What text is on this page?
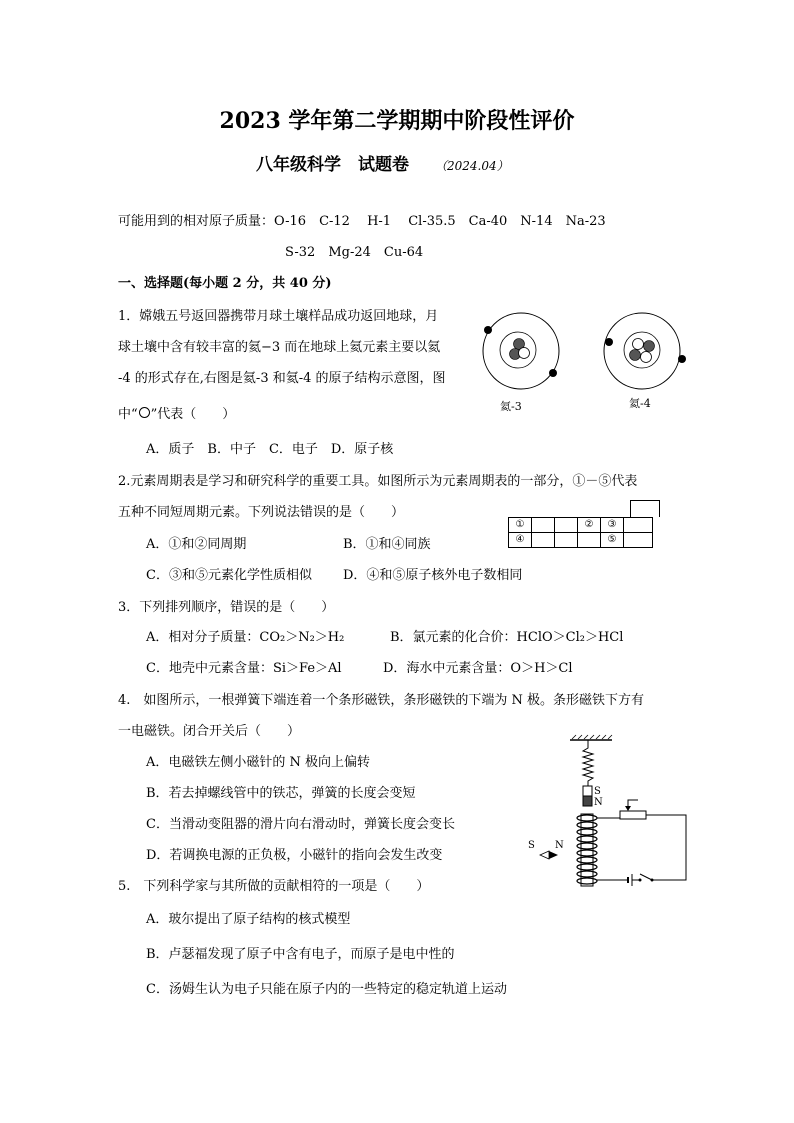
2023 学年第二学期期中阶段性评价
八年级科学　试题卷 （2024.04）
可能用到的相对原子质量：O-16　C-12　 H-1　 Cl-35.5　Ca-40　N-14　Na-23
S-32　Mg-24　Cu-64
一、选择题(每小题 2 分，共 40 分)
1．嫦娥五号返回器携带月球土壤样品成功返回地球，月
球土壤中含有较丰富的氦−3 而在地球上氦元素主要以氦
-4 的形式存在,右图是氦-3 和氦-4 的原子结构示意图，图
中“ ”代表（　　）
A．质子　B．中子　C．电子　D．原子核
氦-3	氦-4
2.元素周期表是学习和研究科学的重要工具。如图所示为元素周期表的一部分，①－⑤代表
五种不同短周期元素。下列说法错误的是（　　）
A．①和②同周期	B．①和④同族
C．③和⑤元素化学性质相似 D．④和⑤原子核外电子数相同
①			②	③	
④				⑤	
3．下列排列顺序，错误的是（　　）
A．相对分子质量：CO₂＞N₂＞H₂	B．氯元素的化合价：HClO＞Cl₂＞HCl
C．地壳中元素含量：Si＞Fe＞Al	D．海水中元素含量：O＞H＞Cl
4.　如图所示，一根弹簧下端连着一个条形磁铁，条形磁铁的下端为 N 极。条形磁铁下方有
一电磁铁。闭合开关后（　　）
A．电磁铁左侧小磁针的 N 极向上偏转
B．若去掉螺线管中的铁芯，弹簧的长度会变短
C．当滑动变阻器的滑片向右滑动时，弹簧长度会变长
D．若调换电源的正负极，小磁针的指向会发生改变
S
N
S N
5.　下列科学家与其所做的贡献相符的一项是（　　）
A．玻尔提出了原子结构的核式模型
B．卢瑟福发现了原子中含有电子，而原子是电中性的
C．汤姆生认为电子只能在原子内的一些特定的稳定轨道上运动
